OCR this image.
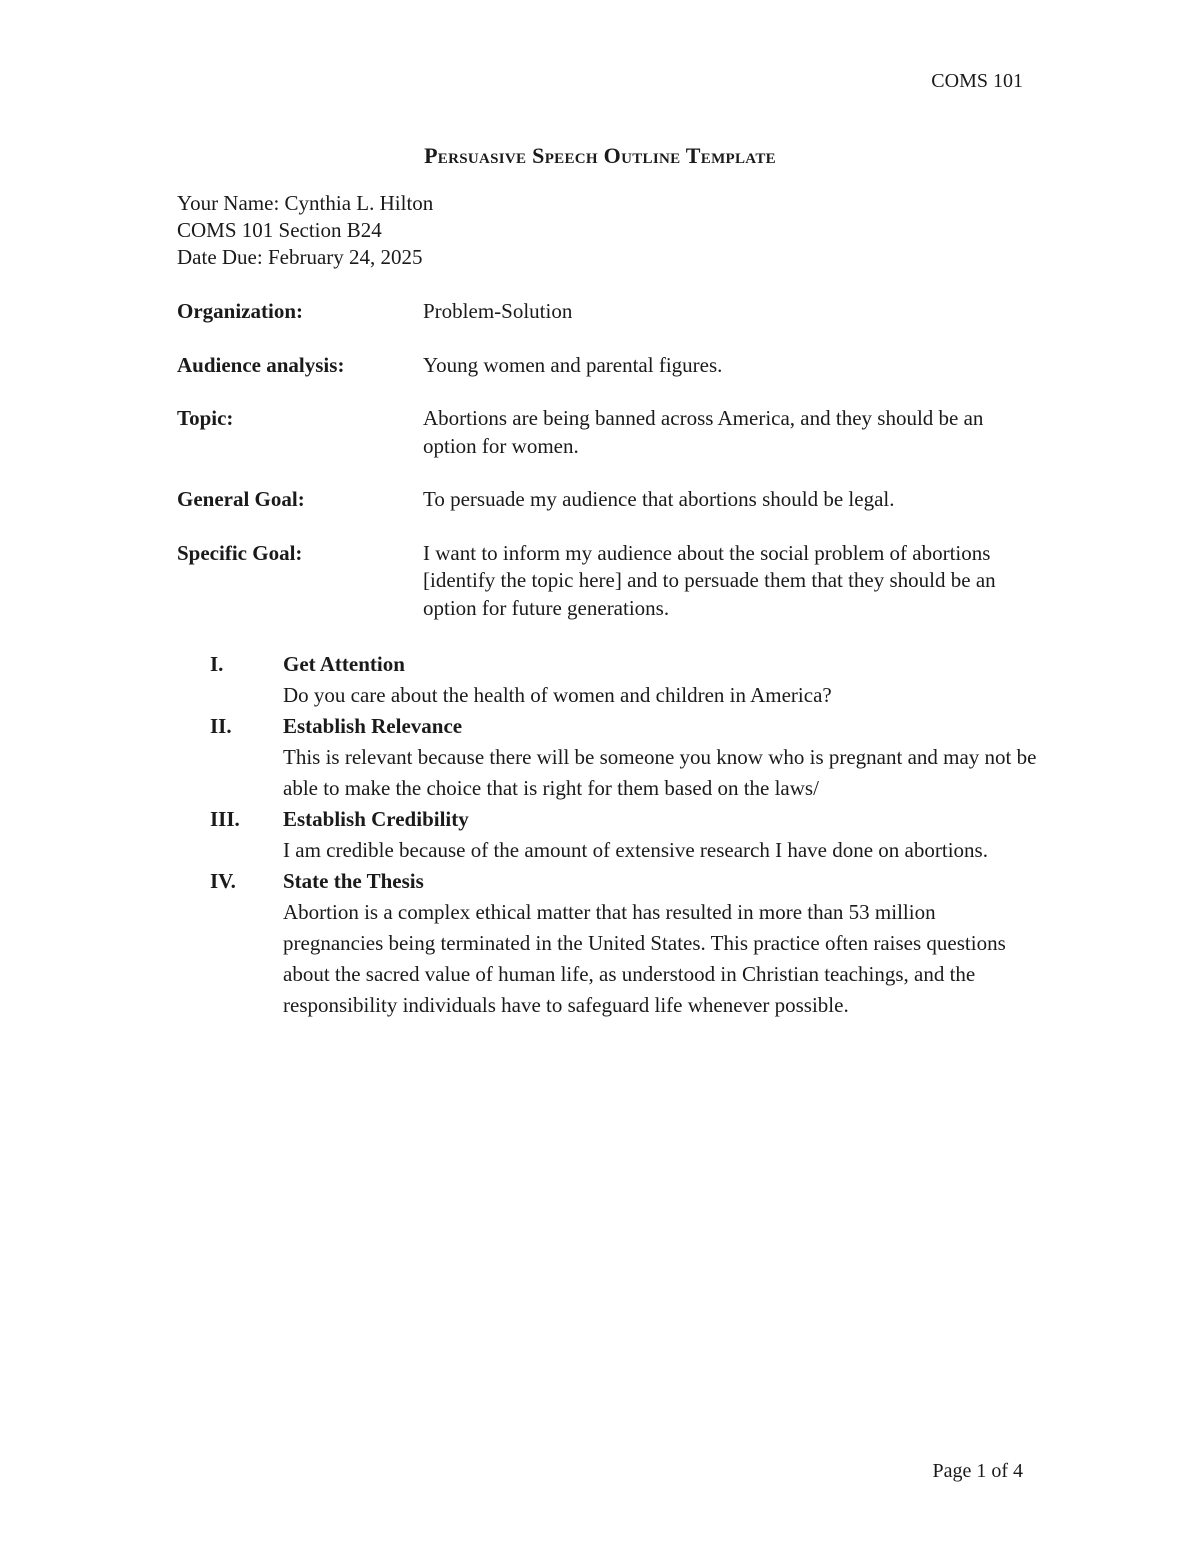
COMS 101
Persuasive Speech Outline Template
Your Name: Cynthia L. Hilton
COMS 101 Section B24
Date Due: February 24, 2025
Organization:	Problem-Solution
Audience analysis:	Young women and parental figures.
Topic:	Abortions are being banned across America, and they should be an option for women.
General Goal:	To persuade my audience that abortions should be legal.
Specific Goal:	I want to inform my audience about the social problem of abortions [identify the topic here] and to persuade them that they should be an option for future generations.
I.	Get Attention
Do you care about the health of women and children in America?
II.	Establish Relevance
This is relevant because there will be someone you know who is pregnant and may not be able to make the choice that is right for them based on the laws/
III.	Establish Credibility
I am credible because of the amount of extensive research I have done on abortions.
IV.	State the Thesis
Abortion is a complex ethical matter that has resulted in more than 53 million pregnancies being terminated in the United States. This practice often raises questions about the sacred value of human life, as understood in Christian teachings, and the responsibility individuals have to safeguard life whenever possible.
Page 1 of 4
